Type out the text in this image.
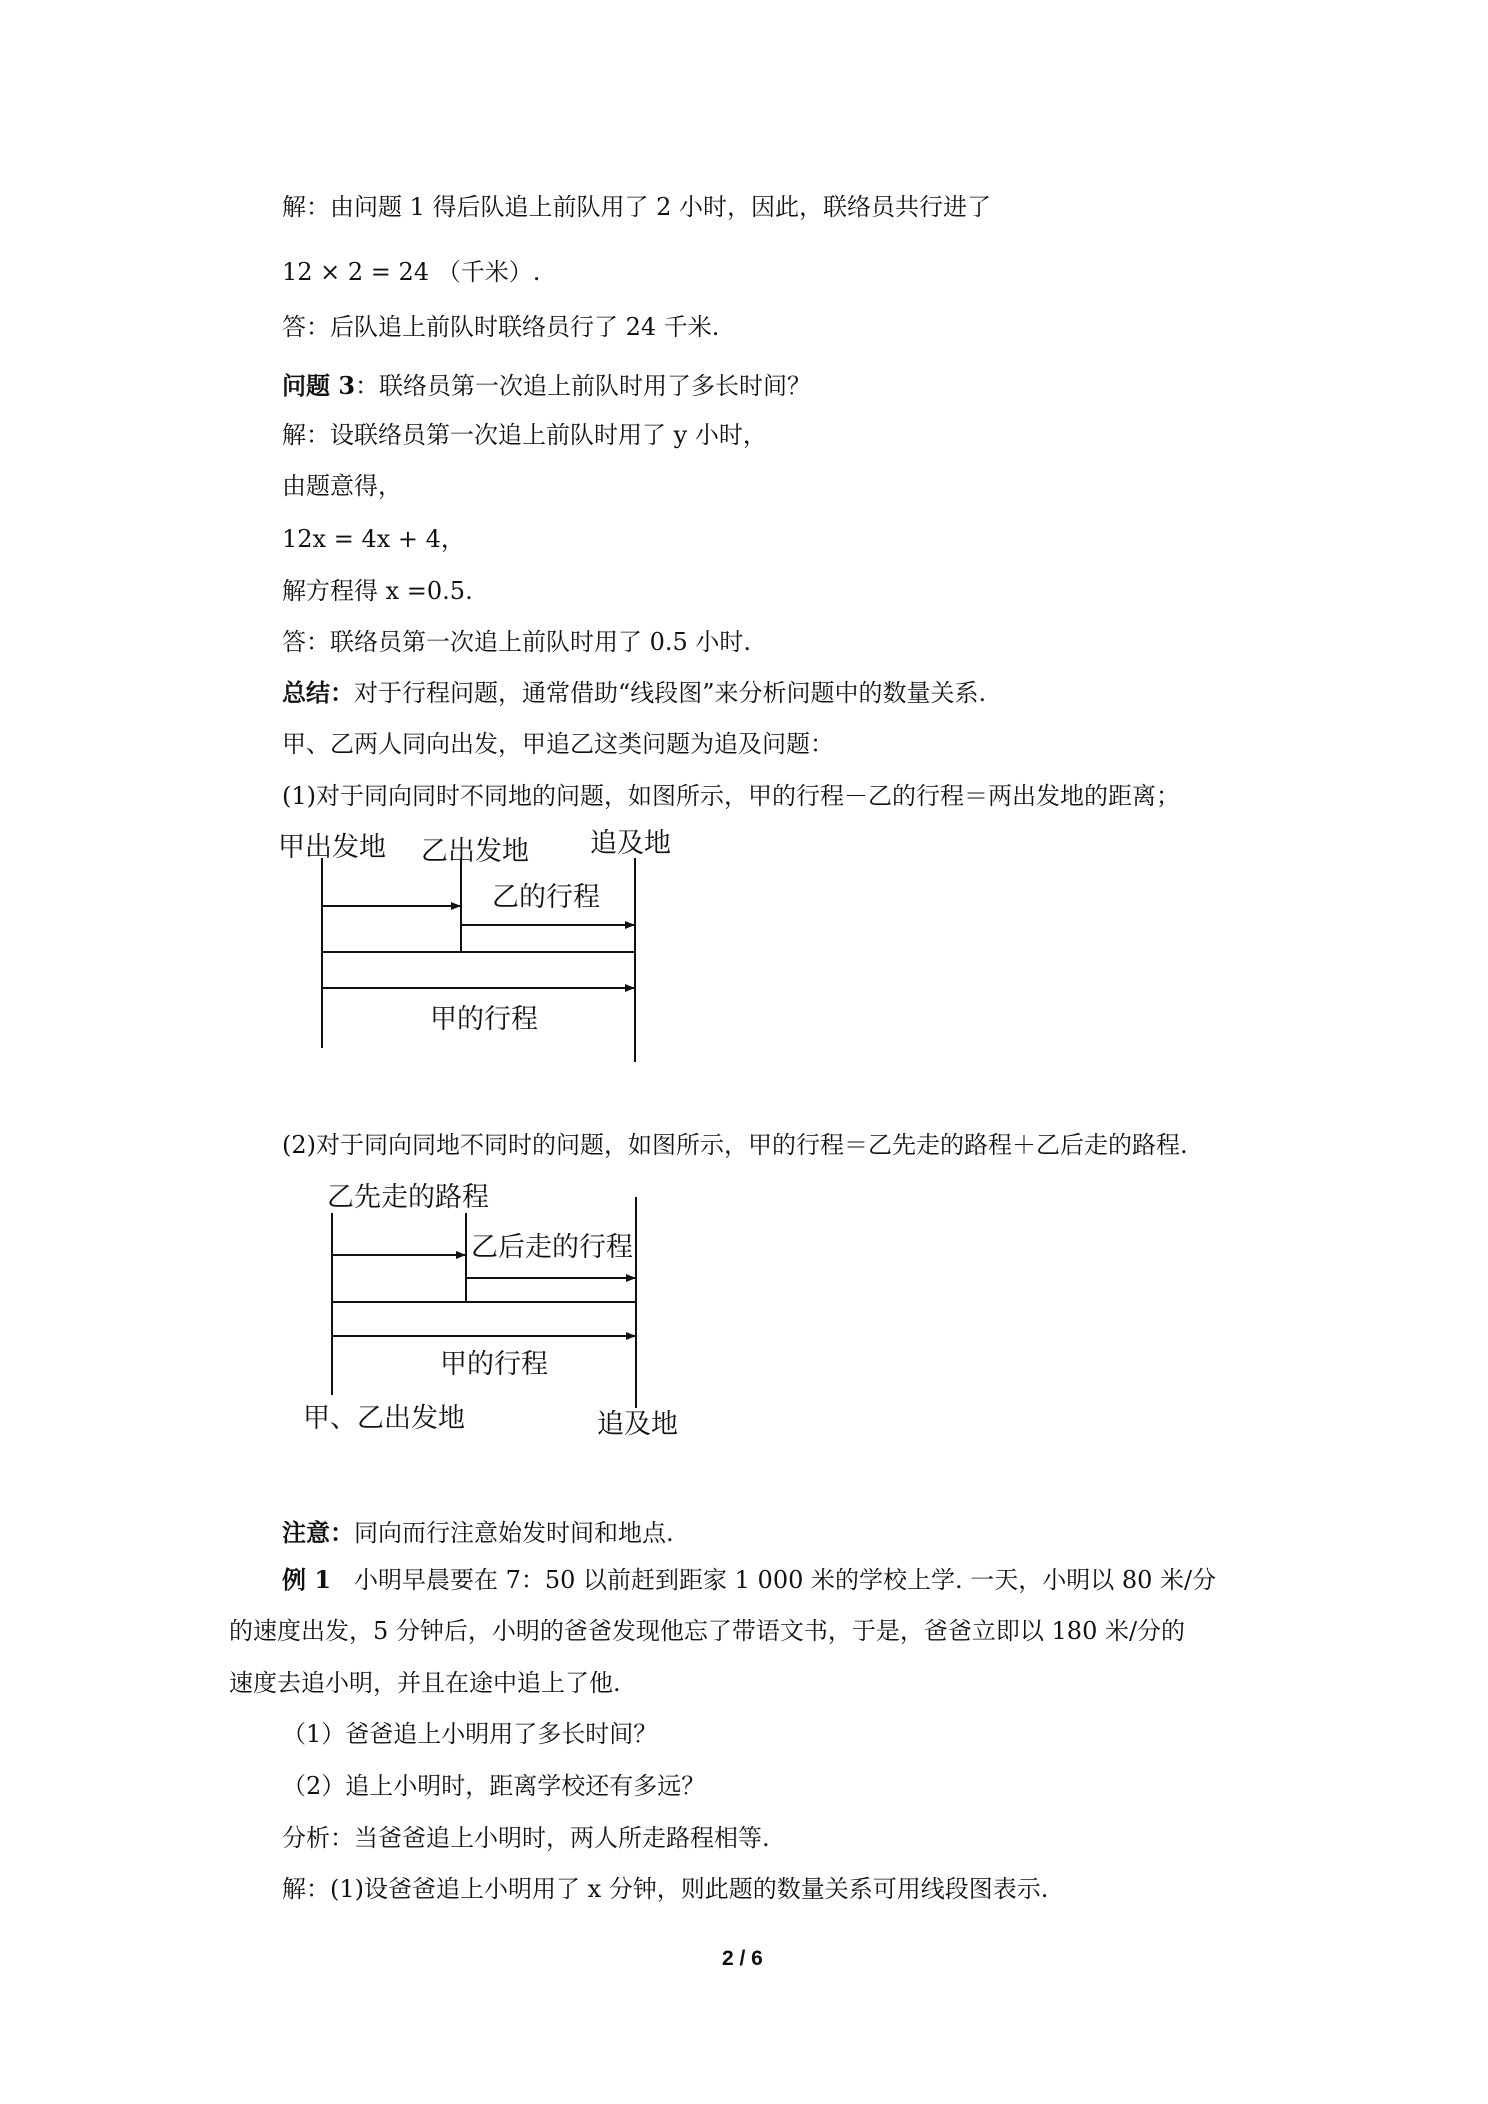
解：由问题 1 得后队追上前队用了 2 小时，因此，联络员共行进了
12 × 2 = 24 （千米）.
答：后队追上前队时联络员行了 24 千米.
问题 3：联络员第一次追上前队时用了多长时间？
解：设联络员第一次追上前队时用了 y 小时，
由题意得，
12x = 4x + 4，
解方程得 x =0.5.
答：联络员第一次追上前队时用了 0.5 小时.
总结：对于行程问题，通常借助“线段图”来分析问题中的数量关系.
甲、乙两人同向出发，甲追乙这类问题为追及问题：
(1)对于同向同时不同地的问题，如图所示，甲的行程－乙的行程＝两出发地的距离；
甲出发地 乙出发地 追及地
乙的行程
甲的行程
(2)对于同向同地不同时的问题，如图所示，甲的行程＝乙先走的路程＋乙后走的路程.
乙先走的路程
乙后走的行程
甲的行程
甲、乙出发地	追及地
注意：同向而行注意始发时间和地点.
例 1 小明早晨要在 7：50 以前赶到距家 1 000 米的学校上学. 一天，小明以 80 米/分
的速度出发，5 分钟后，小明的爸爸发现他忘了带语文书，于是，爸爸立即以 180 米/分的
速度去追小明，并且在途中追上了他.
（1）爸爸追上小明用了多长时间？
（2）追上小明时，距离学校还有多远？
分析：当爸爸追上小明时，两人所走路程相等.
解：(1)设爸爸追上小明用了 x 分钟，则此题的数量关系可用线段图表示.
2 / 6
